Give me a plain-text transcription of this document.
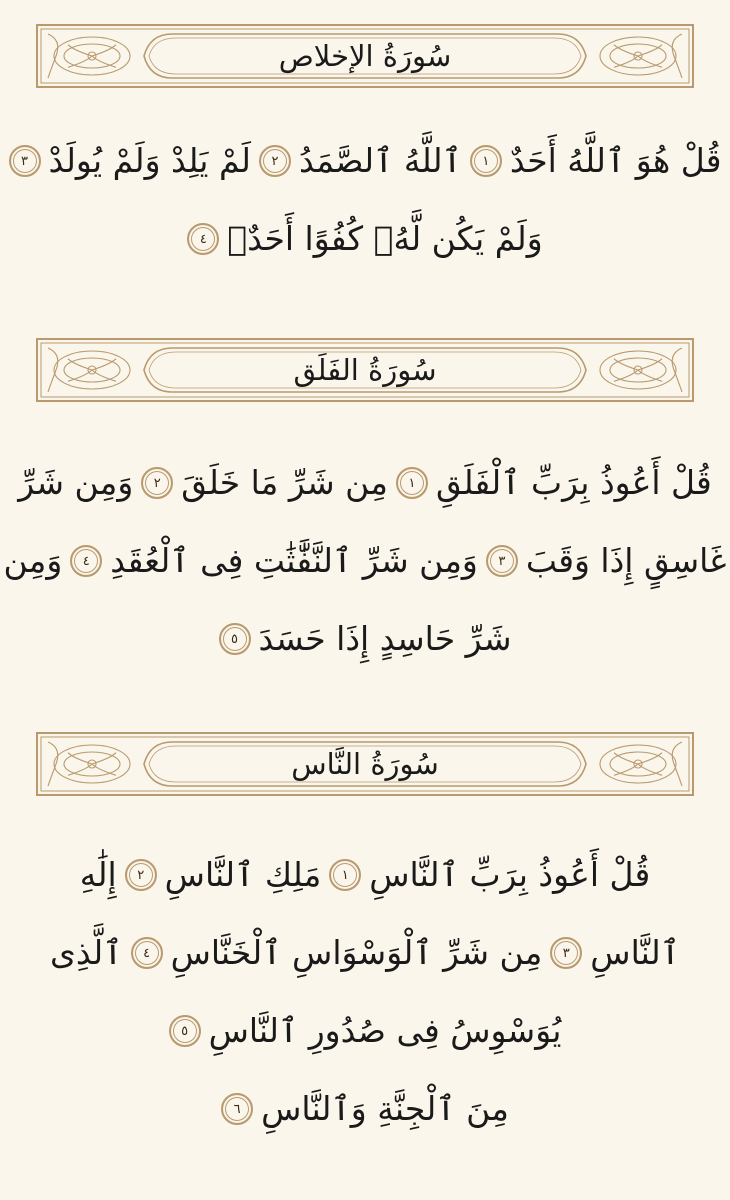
سُورَةُ الإخلاص
قُلْ هُوَ ٱللَّهُ أَحَدٌ
١
ٱللَّهُ ٱلصَّمَدُ
٢
لَمْ يَلِدْ وَلَمْ يُولَدْ
٣
وَلَمْ يَكُن لَّهُۥ كُفُوًا أَحَدٌۢ
٤
سُورَةُ الفَلَق
قُلْ أَعُوذُ بِرَبِّ ٱلْفَلَقِ
١
مِن شَرِّ مَا خَلَقَ
٢
وَمِن شَرِّ
غَاسِقٍ إِذَا وَقَبَ
٣
وَمِن شَرِّ ٱلنَّفَّٰثَٰتِ فِى ٱلْعُقَدِ
٤
وَمِن
شَرِّ حَاسِدٍ إِذَا حَسَدَ
٥
سُورَةُ النَّاس
قُلْ أَعُوذُ بِرَبِّ ٱلنَّاسِ
١
مَلِكِ ٱلنَّاسِ
٢
إِلَٰهِ
ٱلنَّاسِ
٣
مِن شَرِّ ٱلْوَسْوَاسِ ٱلْخَنَّاسِ
٤
ٱلَّذِى
يُوَسْوِسُ فِى صُدُورِ ٱلنَّاسِ
٥
مِنَ ٱلْجِنَّةِ وَٱلنَّاسِ
٦
